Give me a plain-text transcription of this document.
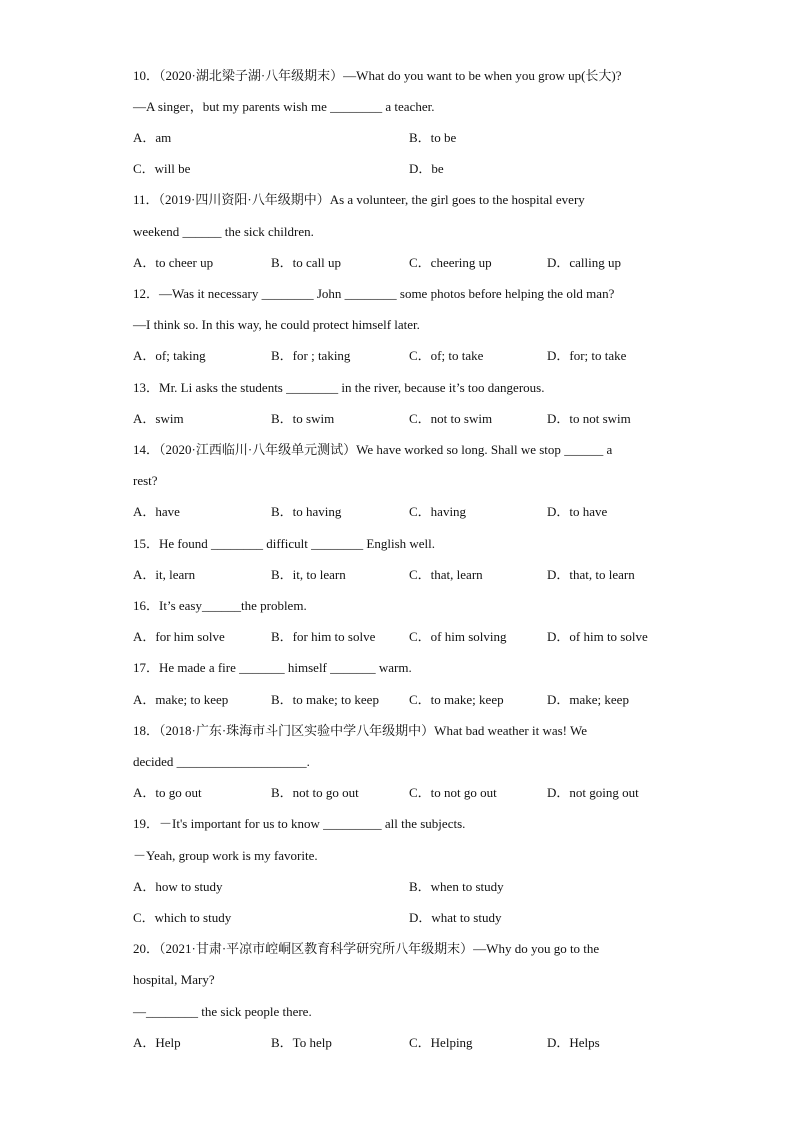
10．（2020·湖北梁子湖·八年级期末）—What do you want to be when you grow up(长大)?
—A singer，but my parents wish me ________ a teacher.
A．am	B．to be
C．will be	D．be
11．（2019·四川资阳·八年级期中）As a volunteer, the girl goes to the hospital every
weekend ______ the sick children.
A．to cheer up	B．to call up	C．cheering up	D．calling up
12．—Was it necessary ________ John ________ some photos before helping the old man?
—I think so. In this way, he could protect himself later.
A．of; taking	B．for ; taking	C．of; to take	D．for; to take
13．Mr. Li asks the students ________ in the river, because it’s too dangerous.
A．swim	B．to swim	C．not to swim	D．to not swim
14．（2020·江西临川·八年级单元测试）We have worked so long. Shall we stop ______ a
rest?
A．have	B．to having	C．having	D．to have
15．He found ________ difficult ________ English well.
A．it, learn	B．it, to learn	C．that, learn	D．that, to learn
16．It’s easy______the problem.
A．for him solve	B．for him to solve	C．of him solving	D．of him to solve
17．He made a fire _______ himself _______ warm.
A．make; to keep	B．to make; to keep C．to make; keep	D．make; keep
18．（2018·广东·珠海市斗门区实验中学八年级期中）What bad weather it was! We
decided ____________________.
A．to go out	B．not to go out	C．to not go out	D．not going out
19．－It's important for us to know _________ all the subjects.
－Yeah, group work is my favorite.
A．how to study	B．when to study
C．which to study	D．what to study
20．（2021·甘肃·平凉市崆峒区教育科学研究所八年级期末）—Why do you go to the
hospital, Mary?
—________ the sick people there.
A．Help	B．To help	C．Helping	D．Helps
